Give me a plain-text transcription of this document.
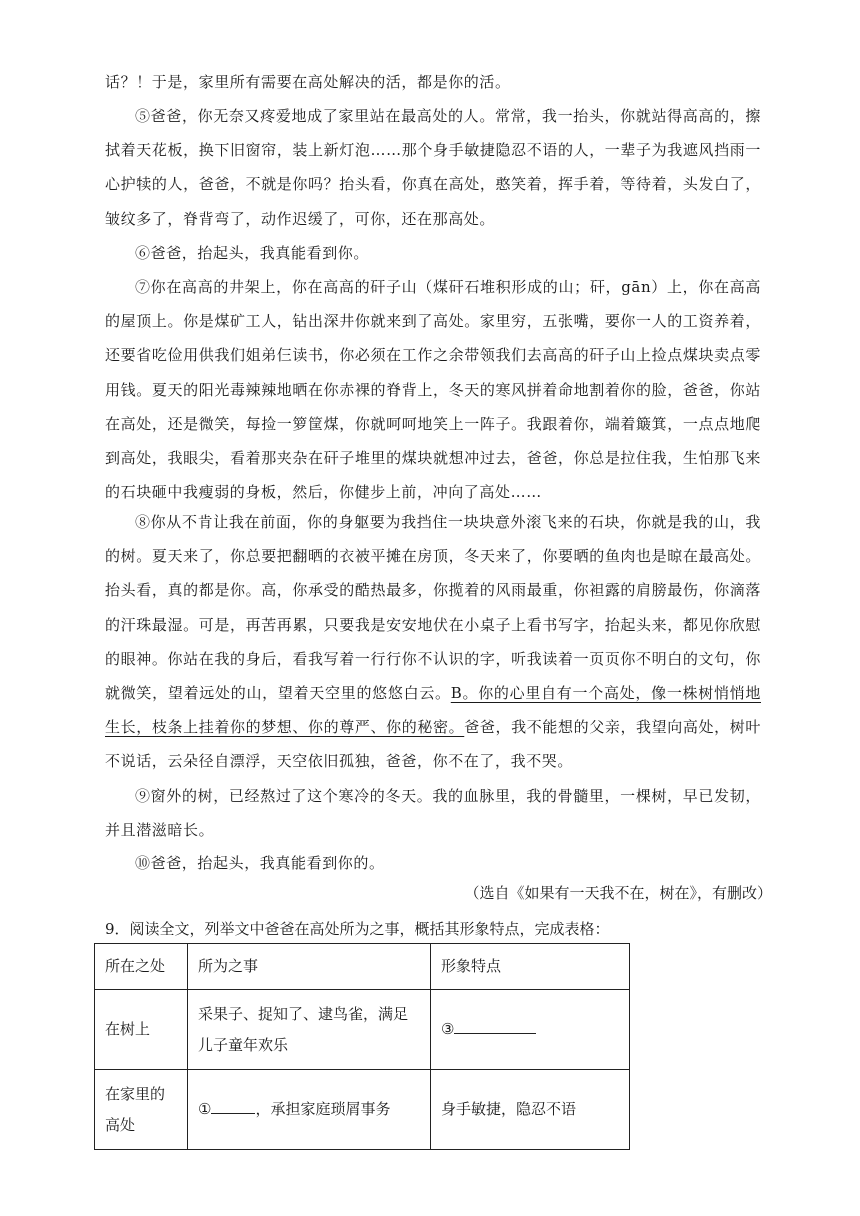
话？！于是，家里所有需要在高处解决的活，都是你的活。

⑤爸爸，你无奈又疼爱地成了家里站在最高处的人。常常，我一抬头，你就站得高高的，擦拭着天花板，换下旧窗帘，装上新灯泡……那个身手敏捷隐忍不语的人，一辈子为我遮风挡雨一心护犊的人，爸爸，不就是你吗？抬头看，你真在高处，憨笑着，挥手着，等待着，头发白了，皱纹多了，脊背弯了，动作迟缓了，可你，还在那高处。

⑥爸爸，抬起头，我真能看到你。

⑦你在高高的井架上，你在高高的矸子山（煤矸石堆积形成的山；矸，gān）上，你在高高的屋顶上。你是煤矿工人，钻出深井你就来到了高处。家里穷，五张嘴，要你一人的工资养着，还要省吃俭用供我们姐弟仨读书，你必须在工作之余带领我们去高高的矸子山上捡点煤块卖点零用钱。夏天的阳光毒辣辣地晒在你赤裸的脊背上，冬天的寒风拼着命地割着你的脸，爸爸，你站在高处，还是微笑，每捡一箩筐煤，你就呵呵地笑上一阵子。我跟着你，端着簸箕，一点点地爬到高处，我眼尖，看着那夹杂在矸子堆里的煤块就想冲过去，爸爸，你总是拉住我，生怕那飞来的石块砸中我瘦弱的身板，然后，你健步上前，冲向了高处……

⑧你从不肯让我在前面，你的身躯要为我挡住一块块意外滚飞来的石块，你就是我的山，我的树。夏天来了，你总要把翻晒的衣被平摊在房顶，冬天来了，你要晒的鱼肉也是晾在最高处。抬头看，真的都是你。高，你承受的酷热最多，你揽着的风雨最重，你袒露的肩膀最伤，你滴落的汗珠最湿。可是，再苦再累，只要我是安安地伏在小桌子上看书写字，抬起头来，都见你欣慰的眼神。你站在我的身后，看我写着一行行你不认识的字，听我读着一页页你不明白的文句，你就微笑，望着远处的山，望着天空里的悠悠白云。B。你的心里自有一个高处，像一株树悄悄地生长，枝条上挂着你的梦想、你的尊严、你的秘密。爸爸，我不能想的父亲，我望向高处，树叶不说话，云朵径自漂浮，天空依旧孤独，爸爸，你不在了，我不哭。

⑨窗外的树，已经熬过了这个寒冷的冬天。我的血脉里，我的骨髓里，一棵树，早已发韧，并且潜滋暗长。

⑩爸爸，抬起头，我真能看到你的。

（选自《如果有一天我不在，树在》，有删改）

9．阅读全文，列举文中爸爸在高处所为之事，概括其形象特点，完成表格：

所在之处	所为之事	形象特点
在树上	采果子、捉知了、逮鸟雀，满足儿子童年欢乐	③
在家里的高处	① ，承担家庭琐屑事务	身手敏捷，隐忍不语
